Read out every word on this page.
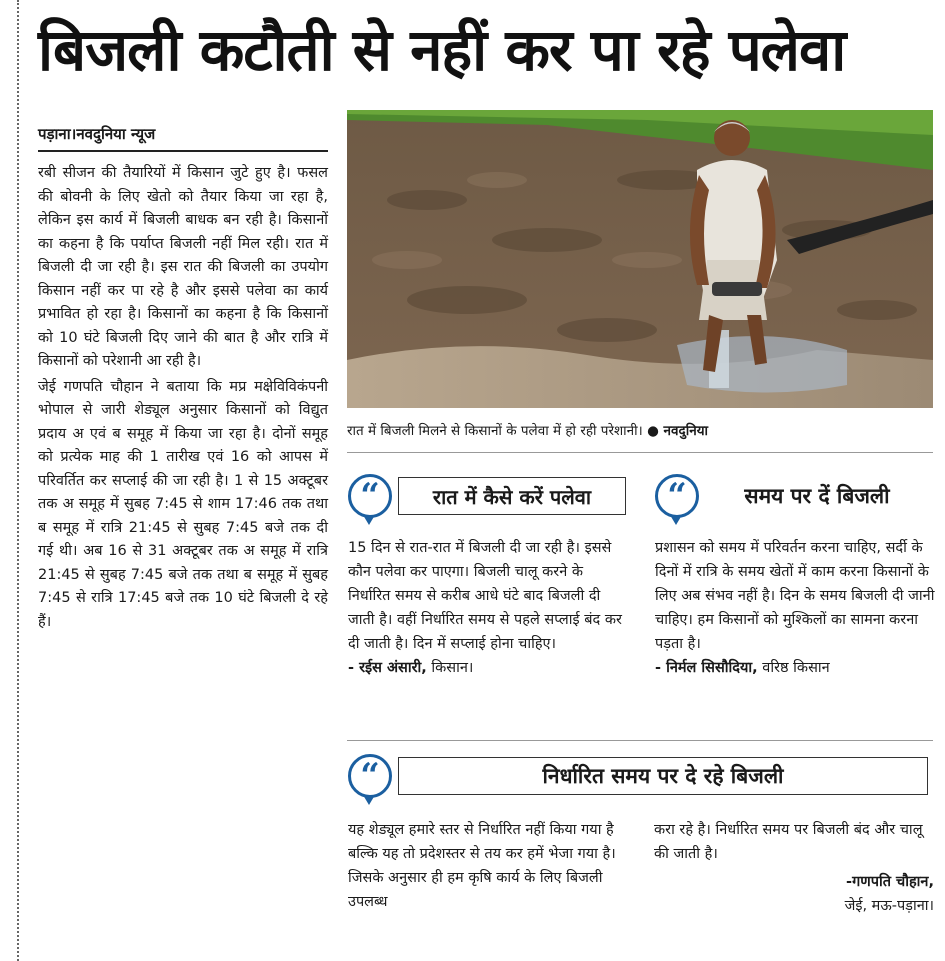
बिजली कटौती से नहीं कर पा रहे पलेवा
पड़ाना।नवदुनिया न्यूज

रबी सीजन की तैयारियों में किसान जुटे हुए है। फसल की बोवनी के लिए खेतो को तैयार किया जा रहा है, लेकिन इस कार्य में बिजली बाधक बन रही है। किसानों का कहना है कि पर्याप्त बिजली नहीं मिल रही। रात में बिजली दी जा रही है। इस रात की बिजली का उपयोग किसान नहीं कर पा रहे है और इससे पलेवा का कार्य प्रभावित हो रहा है। किसानों का कहना है कि किसानों को 10 घंटे बिजली दिए जाने की बात है और रात्रि में किसानों को परेशानी आ रही है।

जेई गणपति चौहान ने बताया कि मप्र मक्षेविविकंपनी भोपाल से जारी शेड्यूल अनुसार किसानों को विद्युत प्रदाय अ एवं ब समूह में किया जा रहा है। दोनों समूह को प्रत्येक माह की 1 तारीख एवं 16 को आपस में परिवर्तित कर सप्लाई की जा रही है। 1 से 15 अक्टूबर तक अ समूह में सुबह 7:45 से शाम 17:46 तक तथा ब समूह में रात्रि 21:45 से सुबह 7:45 बजे तक दी गई थी। अब 16 से 31 अक्टूबर तक अ समूह में रात्रि 21:45 से सुबह 7:45 बजे तक तथा ब समूह में सुबह 7:45 से रात्रि 17:45 बजे तक 10 घंटे बिजली दे रहे हैं।

रात में बिजली मिलने से किसानों के पलेवा में हो रही परेशानी। ● नवदुनिया
“	रात में कैसे करें पलेवा

15 दिन से रात-रात में बिजली दी जा रही है। इससे कौन पलेवा कर पाएगा। बिजली चालू करने के निर्धारित समय से करीब आधे घंटे बाद बिजली दी जाती है। वहीं निर्धारित समय से पहले सप्लाई बंद कर दी जाती है। दिन में सप्लाई होना चाहिए।

- रईस अंसारी, किसान।

“	समय पर दें बिजली

प्रशासन को समय में परिवर्तन करना चाहिए, सर्दी के दिनों में रात्रि के समय खेतों में काम करना किसानों के लिए अब संभव नहीं है। दिन के समय बिजली दी जानी चाहिए। हम किसानों को मुश्किलों का सामना करना पड़ता है।

- निर्मल सिसौदिया, वरिष्ठ किसान

“	निर्धारित समय पर दे रहे बिजली

यह शेड्यूल हमारे स्तर से निर्धारित नहीं किया गया है बल्कि यह तो प्रदेशस्तर से तय कर हमें भेजा गया है। जिसके अनुसार ही हम कृषि कार्य के लिए बिजली उपलब्ध

करा रहे है। निर्धारित समय पर बिजली बंद और चालू की जाती है।

-गणपति चौहान,

जेई, मऊ-पड़ाना।
